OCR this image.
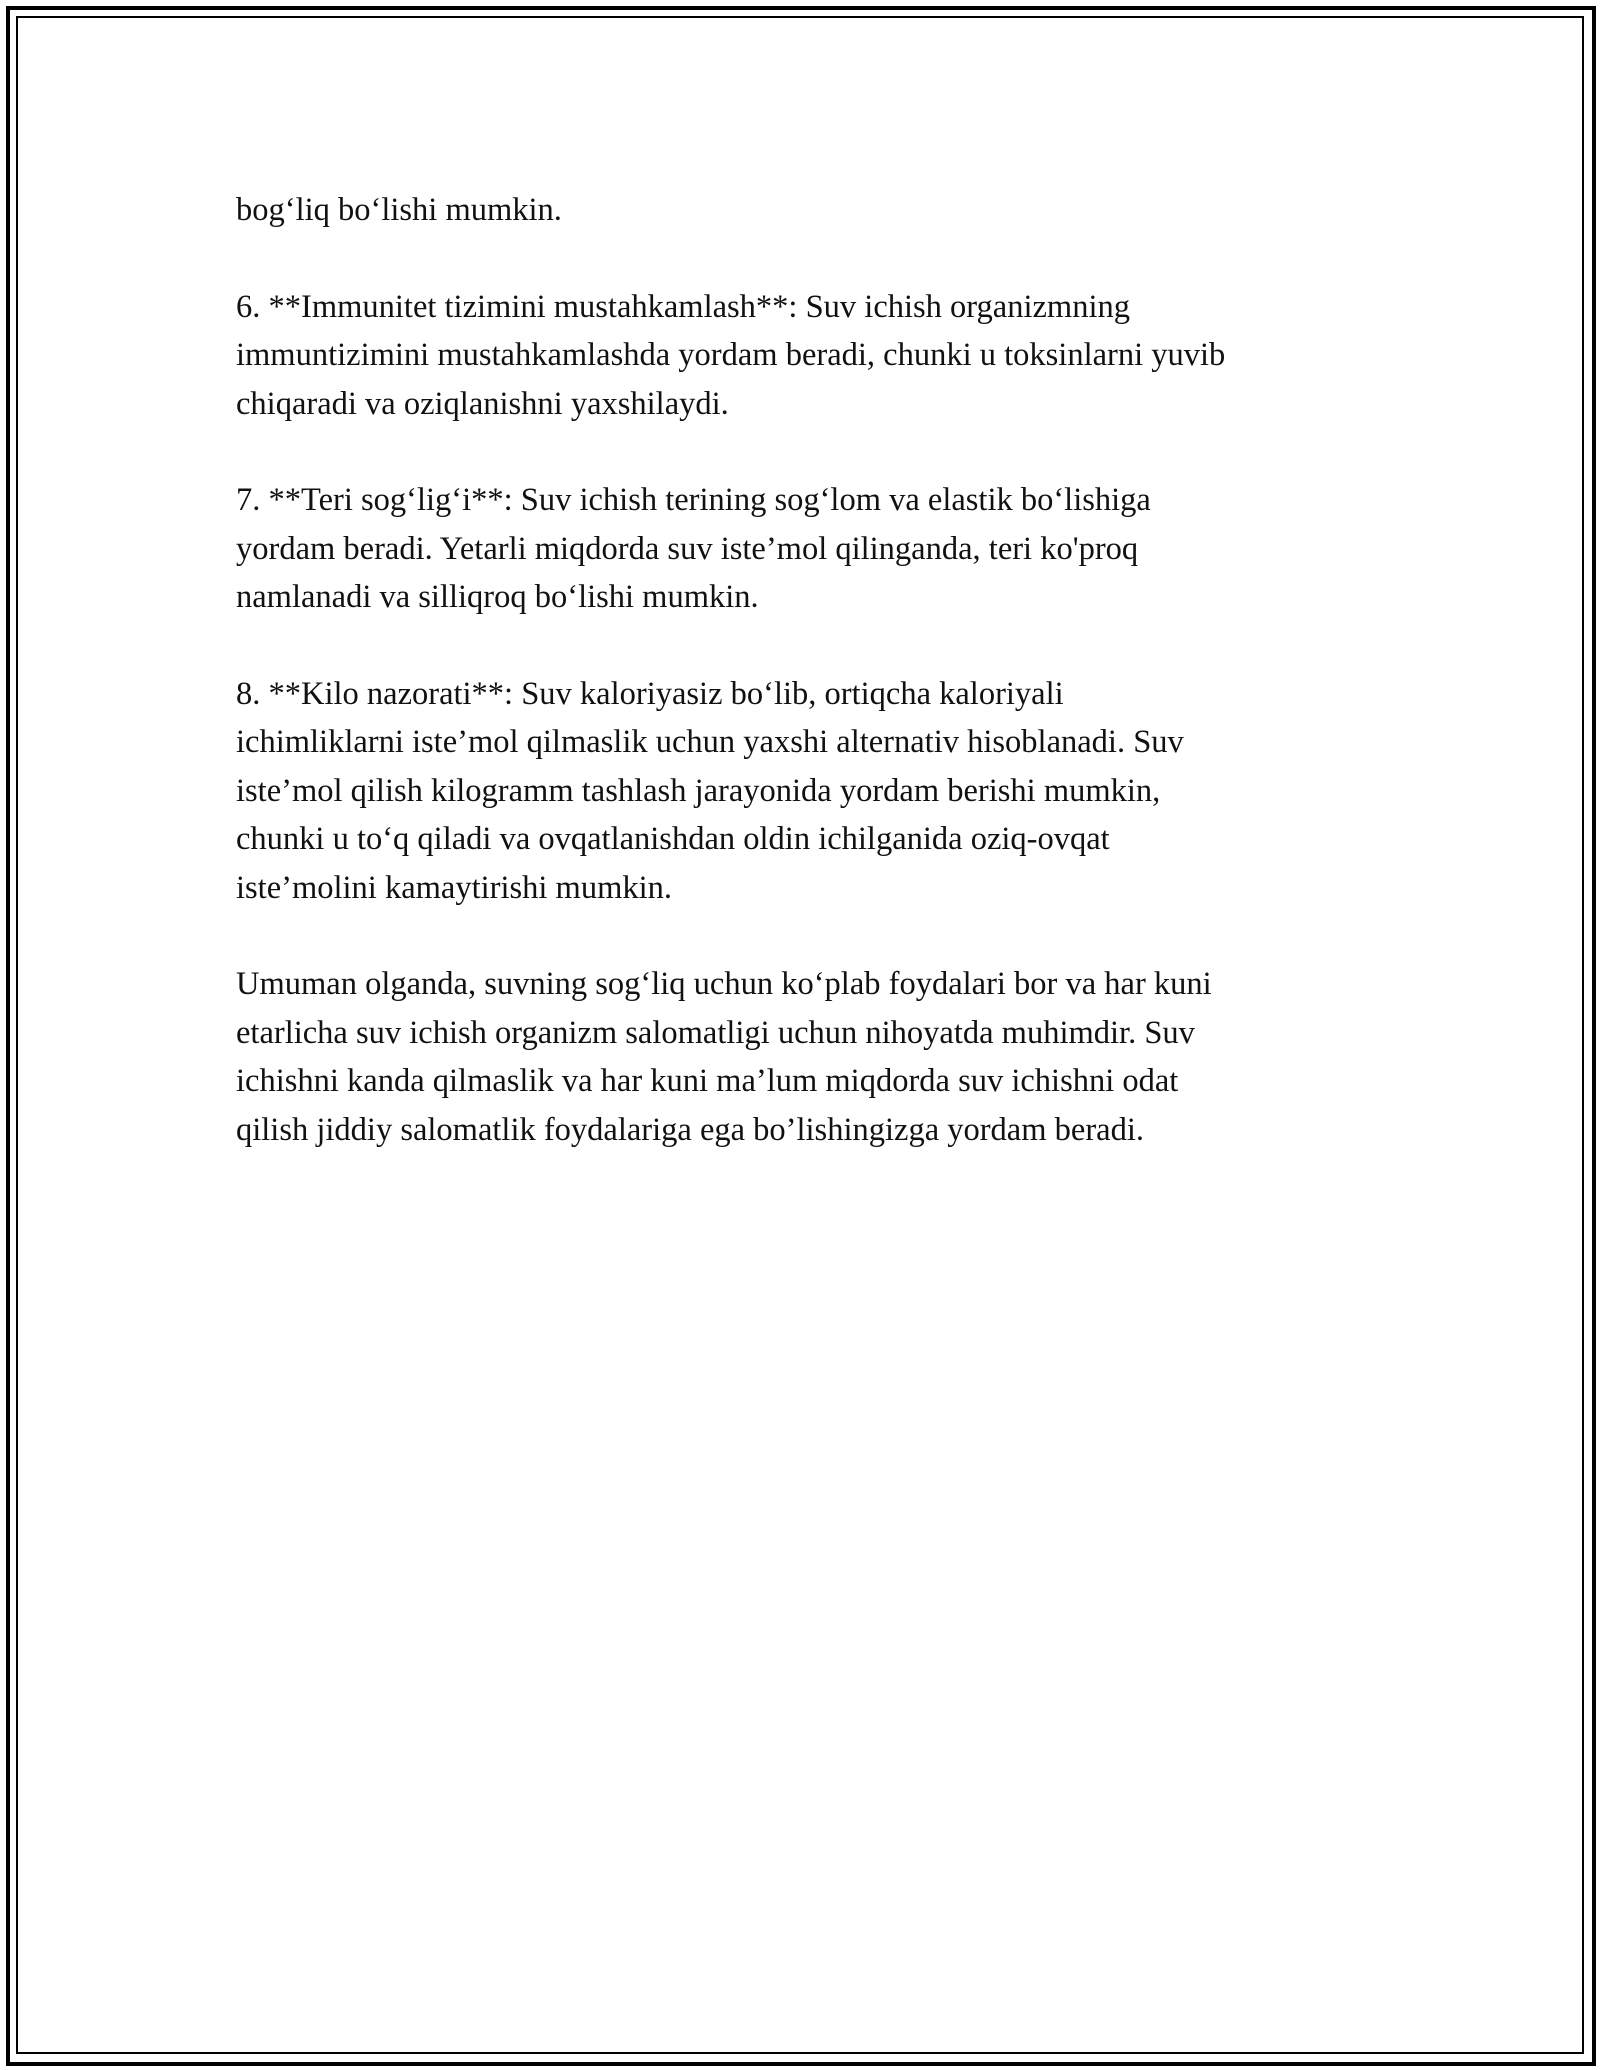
bog‘liq bo‘lishi mumkin.

6. **Immunitet tizimini mustahkamlash**: Suv ichish organizmning
immuntizimini mustahkamlashda yordam beradi, chunki u toksinlarni yuvib
chiqaradi va oziqlanishni yaxshilaydi.

7. **Teri sog‘lig‘i**: Suv ichish terining sog‘lom va elastik bo‘lishiga
yordam beradi. Yetarli miqdorda suv iste’mol qilinganda, teri ko'proq
namlanadi va silliqroq bo‘lishi mumkin.

8. **Kilo nazorati**: Suv kaloriyasiz bo‘lib, ortiqcha kaloriyali
ichimliklarni iste’mol qilmaslik uchun yaxshi alternativ hisoblanadi. Suv
iste’mol qilish kilogramm tashlash jarayonida yordam berishi mumkin,
chunki u to‘q qiladi va ovqatlanishdan oldin ichilganida oziq-ovqat
iste’molini kamaytirishi mumkin.

Umuman olganda, suvning sog‘liq uchun ko‘plab foydalari bor va har kuni
etarlicha suv ichish organizm salomatligi uchun nihoyatda muhimdir. Suv
ichishni kanda qilmaslik va har kuni ma’lum miqdorda suv ichishni odat
qilish jiddiy salomatlik foydalariga ega bo’lishingizga yordam beradi.
